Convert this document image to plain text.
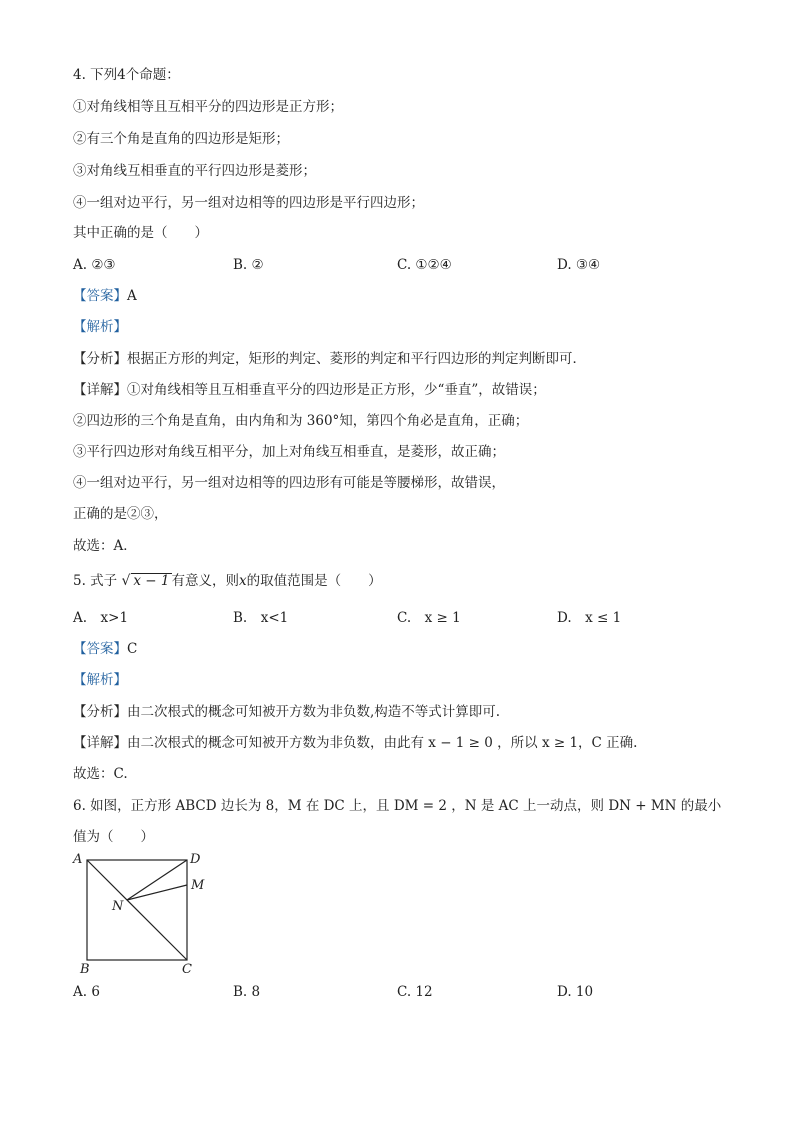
4. 下列4个命题：
①对角线相等且互相平分的四边形是正方形；
②有三个角是直角的四边形是矩形；
③对角线互相垂直的平行四边形是菱形；
④一组对边平行，另一组对边相等的四边形是平行四边形；
其中正确的是（　　）
A. ②③	B. ②	C. ①②④	D. ③④
【答案】A
【解析】
【分析】根据正方形的判定，矩形的判定、菱形的判定和平行四边形的判定判断即可．
【详解】①对角线相等且互相垂直平分的四边形是正方形，少“垂直”，故错误；
②四边形的三个角是直角，由内角和为 360°知，第四个角必是直角，正确；
③平行四边形对角线互相平分，加上对角线互相垂直，是菱形，故正确；
④一组对边平行，另一组对边相等的四边形有可能是等腰梯形，故错误，
正确的是②③，
故选：A．
5. 式子 √ x − 1 有意义，则x的取值范围是（　　）
A.　x>1	B.　x<1	C.　x ≥ 1	D.　x ≤ 1
【答案】C
【解析】
【分析】由二次根式的概念可知被开方数为非负数,构造不等式计算即可.
【详解】由二次根式的概念可知被开方数为非负数，由此有 x − 1 ≥ 0 ，所以 x ≥ 1，C 正确.
故选：C.
6. 如图，正方形 ABCD 边长为 8，M 在 DC 上，且 DM = 2 ，N 是 AC 上一动点，则 DN + MN 的最小
值为（　　）
A	D
M
N
B	C
A. 6	B. 8	C. 12	D. 10
